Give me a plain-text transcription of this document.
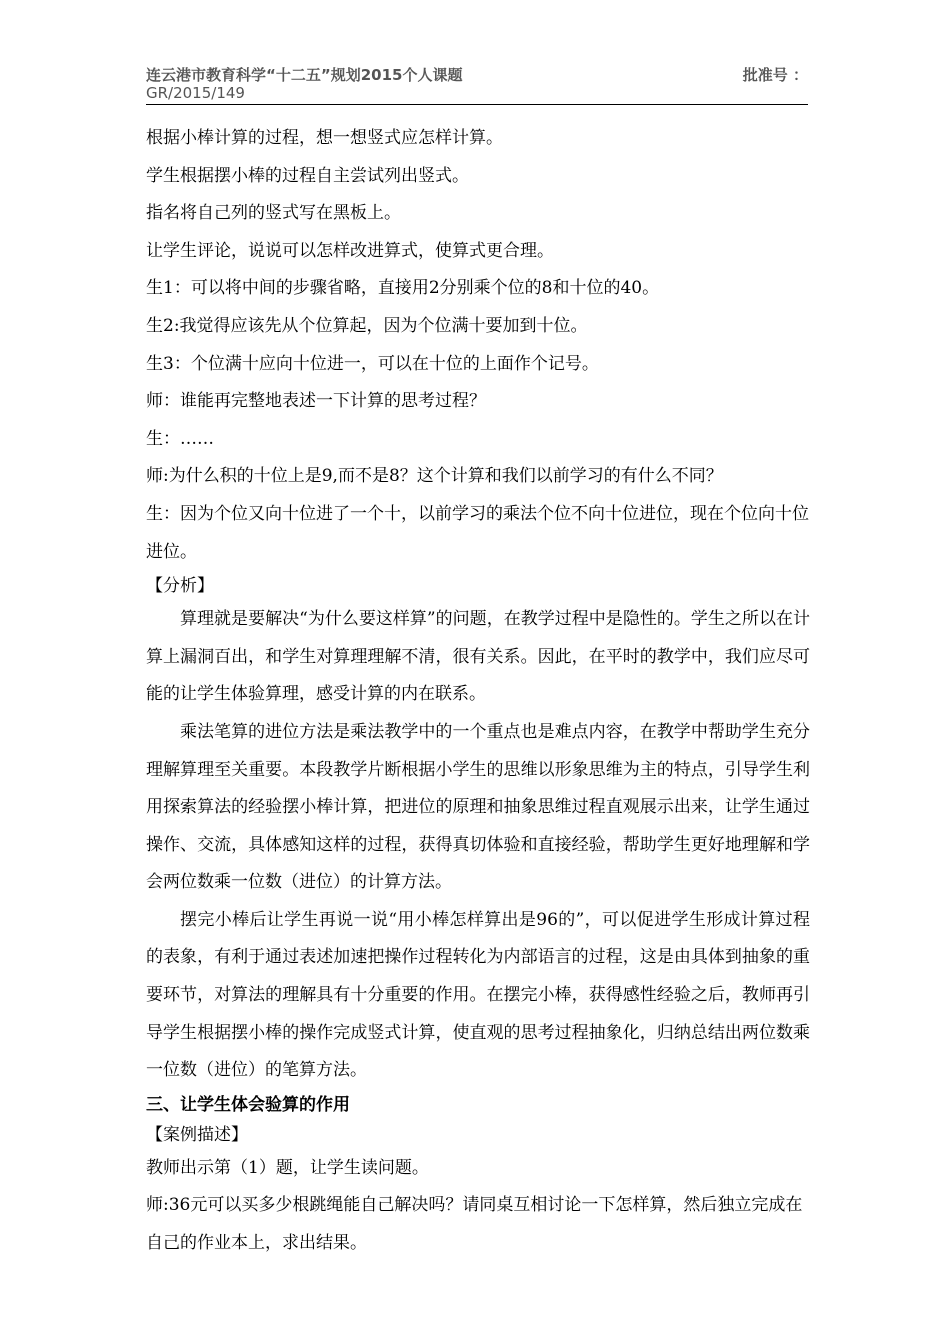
连云港市教育科学“十二五”规划2015个人课题	批准号 ：
GR/2015/149
根据小棒计算的过程，想一想竖式应怎样计算。
学生根据摆小棒的过程自主尝试列出竖式。
指名将自己列的竖式写在黑板上。
让学生评论，说说可以怎样改进算式，使算式更合理。
生1：可以将中间的步骤省略，直接用2分别乘个位的8和十位的40。
生2:我觉得应该先从个位算起，因为个位满十要加到十位。
生3：个位满十应向十位进一，可以在十位的上面作个记号。
师：谁能再完整地表述一下计算的思考过程？
生：……
师:为什么积的十位上是9,而不是8？这个计算和我们以前学习的有什么不同？
生：因为个位又向十位进了一个十，以前学习的乘法个位不向十位进位，现在个位向十位进位。
【分析】
算理就是要解决“为什么要这样算”的问题，在教学过程中是隐性的。学生之所以在计算上漏洞百出，和学生对算理理解不清，很有关系。因此，在平时的教学中，我们应尽可能的让学生体验算理，感受计算的内在联系。
乘法笔算的进位方法是乘法教学中的一个重点也是难点内容，在教学中帮助学生充分理解算理至关重要。本段教学片断根据小学生的思维以形象思维为主的特点，引导学生利用探索算法的经验摆小棒计算，把进位的原理和抽象思维过程直观展示出来，让学生通过操作、交流，具体感知这样的过程，获得真切体验和直接经验，帮助学生更好地理解和学会两位数乘一位数（进位）的计算方法。
摆完小棒后让学生再说一说“用小棒怎样算出是96的”，可以促进学生形成计算过程的表象，有利于通过表述加速把操作过程转化为内部语言的过程，这是由具体到抽象的重要环节，对算法的理解具有十分重要的作用。在摆完小棒，获得感性经验之后，教师再引导学生根据摆小棒的操作完成竖式计算，使直观的思考过程抽象化，归纳总结出两位数乘一位数（进位）的笔算方法。
三、让学生体会验算的作用
【案例描述】
教师出示第（1）题，让学生读问题。
师:36元可以买多少根跳绳能自己解决吗？请同桌互相讨论一下怎样算，然后独立完成在自己的作业本上，求出结果。
